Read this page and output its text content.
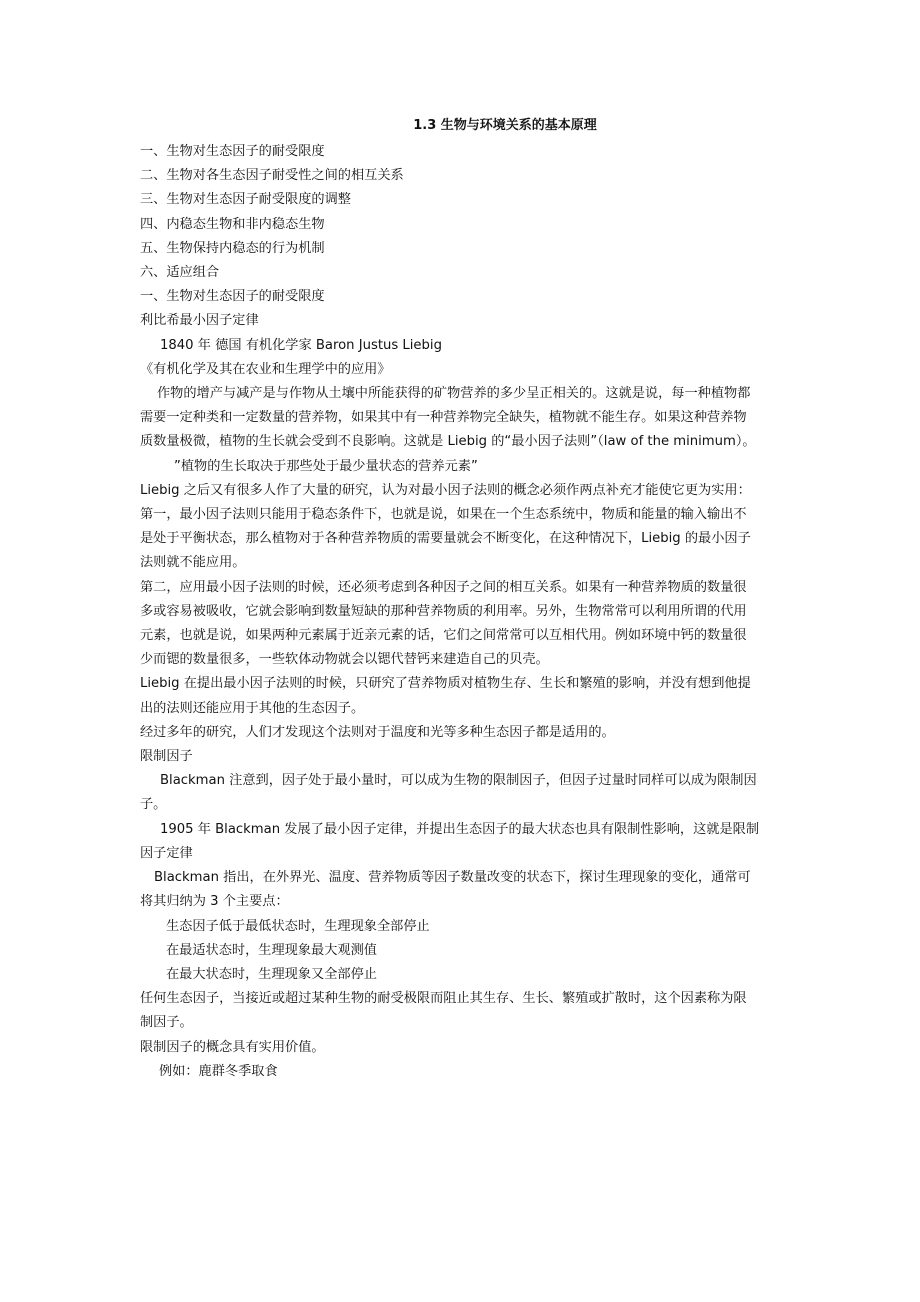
1.3 生物与环境关系的基本原理

一、生物对生态因子的耐受限度

二、生物对各生态因子耐受性之间的相互关系

三、生物对生态因子耐受限度的调整

四、内稳态生物和非内稳态生物

五、生物保持内稳态的行为机制

六、适应组合

一、生物对生态因子的耐受限度

利比希最小因子定律

1840 年 德国 有机化学家 Baron Justus Liebig

《有机化学及其在农业和生理学中的应用》

作物的增产与减产是与作物从土壤中所能获得的矿物营养的多少呈正相关的。这就是说，每一种植物都

需要一定种类和一定数量的营养物，如果其中有一种营养物完全缺失，植物就不能生存。如果这种营养物

质数量极微，植物的生长就会受到不良影响。这就是 Liebig 的“最小因子法则”（law of the minimum）。

”植物的生长取决于那些处于最少量状态的营养元素”

Liebig 之后又有很多人作了大量的研究，认为对最小因子法则的概念必须作两点补充才能使它更为实用：

第一，最小因子法则只能用于稳态条件下，也就是说，如果在一个生态系统中，物质和能量的输入输出不

是处于平衡状态，那么植物对于各种营养物质的需要量就会不断变化，在这种情况下，Liebig 的最小因子

法则就不能应用。

第二，应用最小因子法则的时候，还必须考虑到各种因子之间的相互关系。如果有一种营养物质的数量很

多或容易被吸收，它就会影响到数量短缺的那种营养物质的利用率。另外，生物常常可以利用所谓的代用

元素，也就是说，如果两种元素属于近亲元素的话，它们之间常常可以互相代用。例如环境中钙的数量很

少而锶的数量很多，一些软体动物就会以锶代替钙来建造自己的贝壳。

Liebig 在提出最小因子法则的时候，只研究了营养物质对植物生存、生长和繁殖的影响，并没有想到他提

出的法则还能应用于其他的生态因子。

经过多年的研究，人们才发现这个法则对于温度和光等多种生态因子都是适用的。

限制因子

Blackman 注意到，因子处于最小量时，可以成为生物的限制因子，但因子过量时同样可以成为限制因

子。

1905 年 Blackman 发展了最小因子定律，并提出生态因子的最大状态也具有限制性影响，这就是限制

因子定律

Blackman 指出，在外界光、温度、营养物质等因子数量改变的状态下，探讨生理现象的变化，通常可

将其归纳为 3 个主要点：

生态因子低于最低状态时，生理现象全部停止

在最适状态时，生理现象最大观测值

在最大状态时，生理现象又全部停止

任何生态因子，当接近或超过某种生物的耐受极限而阻止其生存、生长、繁殖或扩散时，这个因素称为限

制因子。

限制因子的概念具有实用价值。

例如：鹿群冬季取食
